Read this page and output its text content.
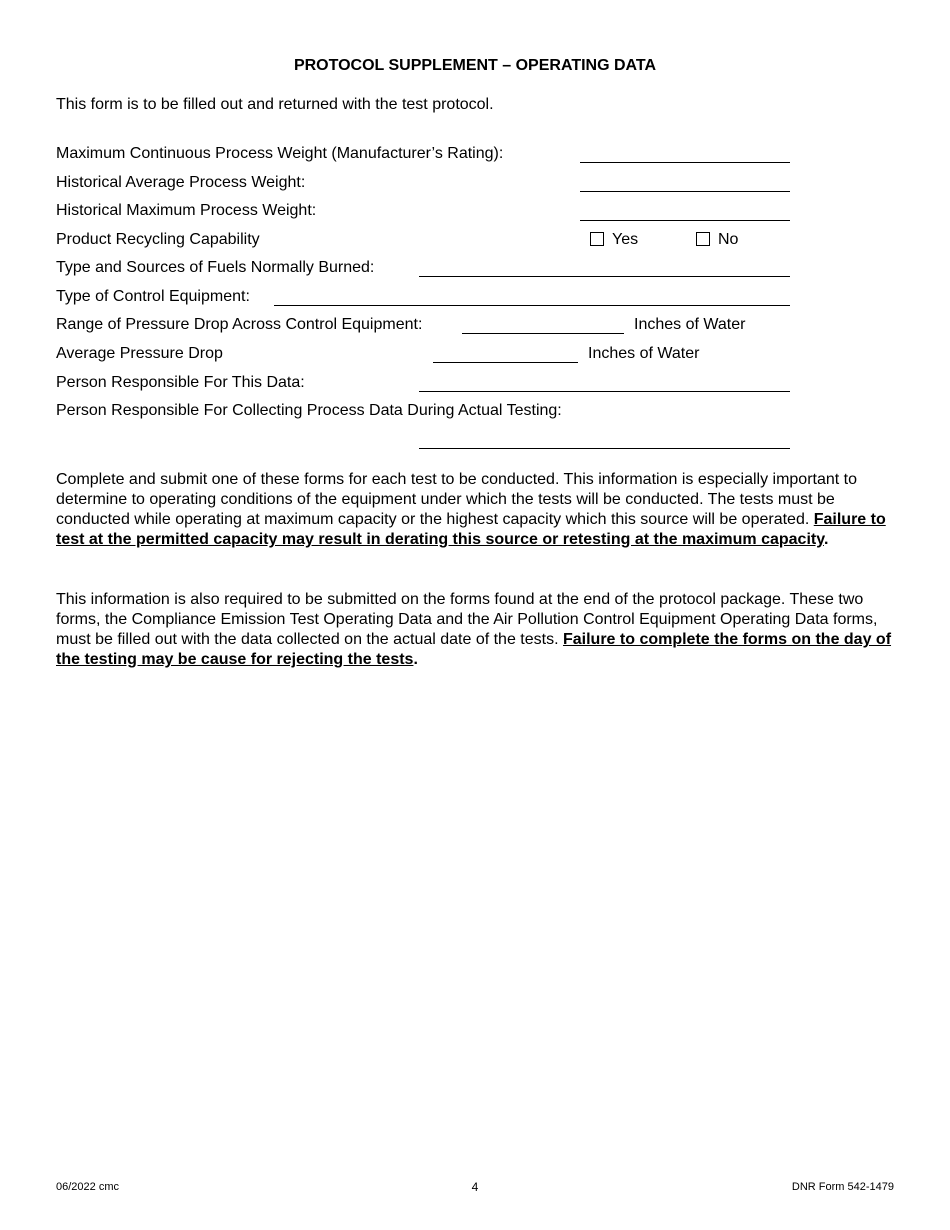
PROTOCOL SUPPLEMENT – OPERATING DATA
This form is to be filled out and returned with the test protocol.
Maximum Continuous Process Weight (Manufacturer’s Rating):
Historical Average Process Weight:
Historical Maximum Process Weight:
Product Recycling Capability	Yes	No
Type and Sources of Fuels Normally Burned:
Type of Control Equipment:
Range of Pressure Drop Across Control Equipment:	Inches of Water
Average Pressure Drop	Inches of Water
Person Responsible For This Data:
Person Responsible For Collecting Process Data During Actual Testing:
Complete and submit one of these forms for each test to be conducted. This information is especially important to determine to operating conditions of the equipment under which the tests will be conducted. The tests must be conducted while operating at maximum capacity or the highest capacity which this source will be operated. Failure to test at the permitted capacity may result in derating this source or retesting at the maximum capacity.
This information is also required to be submitted on the forms found at the end of the protocol package. These two forms, the Compliance Emission Test Operating Data and the Air Pollution Control Equipment Operating Data forms, must be filled out with the data collected on the actual date of the tests. Failure to complete the forms on the day of the testing may be cause for rejecting the tests.
06/2022 cmc	4	DNR Form 542-1479
